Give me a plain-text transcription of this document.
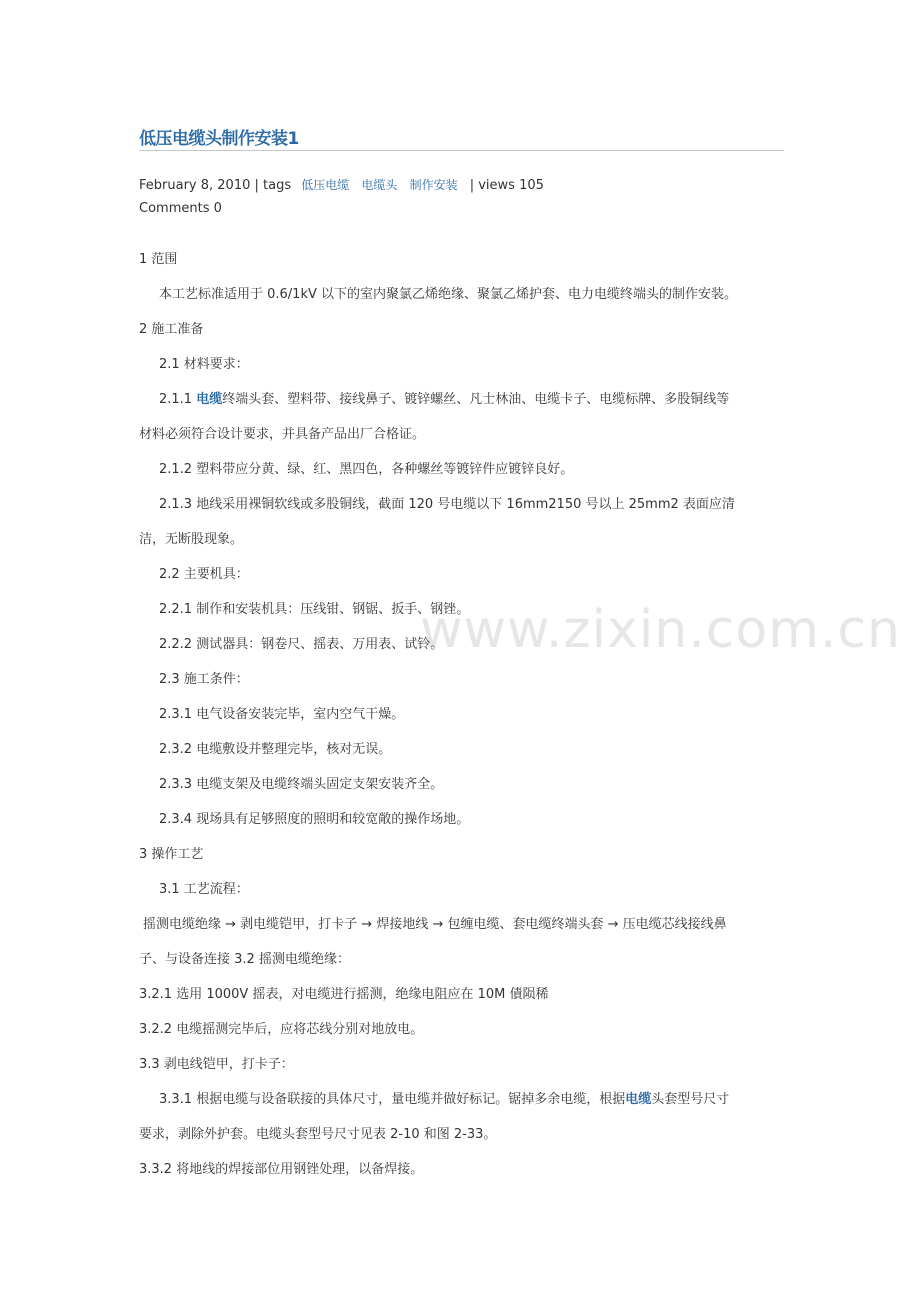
www.zixin.com.cn
低压电缆头制作安装1
February 8, 2010 | tags 低压电缆 电缆头 制作安装 | views 105
Comments 0
1 范围
本工艺标准适用于 0.6/1kV 以下的室内聚氯乙烯绝缘、聚氯乙烯护套、电力电缆终端头的制作安装。
2 施工准备
2.1 材料要求：
2.1.1 电缆终端头套、塑料带、接线鼻子、镀锌螺丝、凡士林油、电缆卡子、电缆标牌、多股铜线等
材料必须符合设计要求，并具备产品出厂合格证。
2.1.2 塑料带应分黄、绿、红、黑四色，各种螺丝等镀锌件应镀锌良好。
2.1.3 地线采用裸铜软线或多股铜线，截面 120 号电缆以下 16mm2150 号以上 25mm2 表面应清
洁，无断股现象。
2.2 主要机具：
2.2.1 制作和安装机具：压线钳、钢锯、扳手、钢锉。
2.2.2 测试器具：钢卷尺、摇表、万用表、试铃。
2.3 施工条件：
2.3.1 电气设备安装完毕，室内空气干燥。
2.3.2 电缆敷设并整理完毕，核对无误。
2.3.3 电缆支架及电缆终端头固定支架安装齐全。
2.3.4 现场具有足够照度的照明和较宽敞的操作场地。
3 操作工艺
3.1 工艺流程：
摇测电缆绝缘 → 剥电缆铠甲，打卡子 → 焊接地线 → 包缠电缆、套电缆终端头套 → 压电缆芯线接线鼻
子、与设备连接 3.2 摇测电缆绝缘：
3.2.1 选用 1000V 摇表，对电缆进行摇测，绝缘电阻应在 10M 債陨稀
3.2.2 电缆摇测完毕后，应将芯线分别对地放电。
3.3 剥电线铠甲，打卡子：
3.3.1 根据电缆与设备联接的具体尺寸，量电缆并做好标记。锯掉多余电缆，根据电缆头套型号尺寸
要求，剥除外护套。电缆头套型号尺寸见表 2-10 和图 2-33。
3.3.2 将地线的焊接部位用钢锉处理，以备焊接。
